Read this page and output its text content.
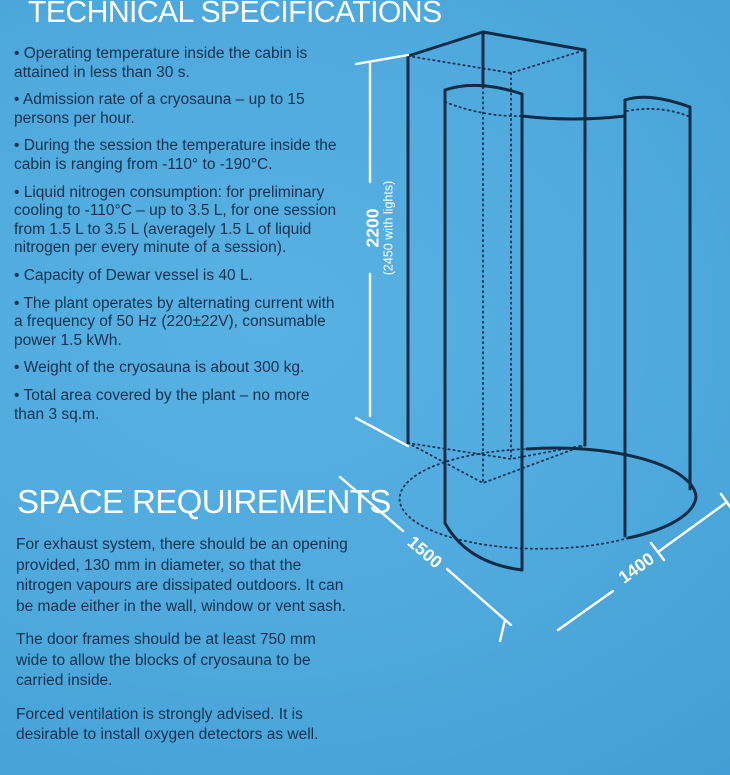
TECHNICAL SPECIFICATIONS

• Operating temperature inside the cabin is attained in less than 30 s.

• Admission rate of a cryosauna – up to 15 persons per hour.

• During the session the temperature inside the cabin is ranging from -110° to -190°C.

• Liquid nitrogen consumption: for preliminary cooling to -110°C – up to 3.5 L, for one session from 1.5 L to 3.5 L (averagely 1.5 L of liquid nitrogen per every minute of a session).

• Capacity of Dewar vessel is 40 L.

• The plant operates by alternating current with a frequency of 50 Hz (220±22V), consumable power 1.5 kWh.

• Weight of the cryosauna is about 300 kg.

• Total area covered by the plant – no more than 3 sq.m.

SPACE REQUIREMENTS

For exhaust system, there should be an opening provided, 130 mm in diameter, so that the nitrogen vapours are dissipated outdoors. It can be made either in the wall, window or vent sash.

The door frames should be at least 750 mm wide to allow the blocks of cryosauna to be carried inside.

Forced ventilation is strongly advised. It is desirable to install oxygen detectors as well.

2200
(2450 with lights)
1500	1400
